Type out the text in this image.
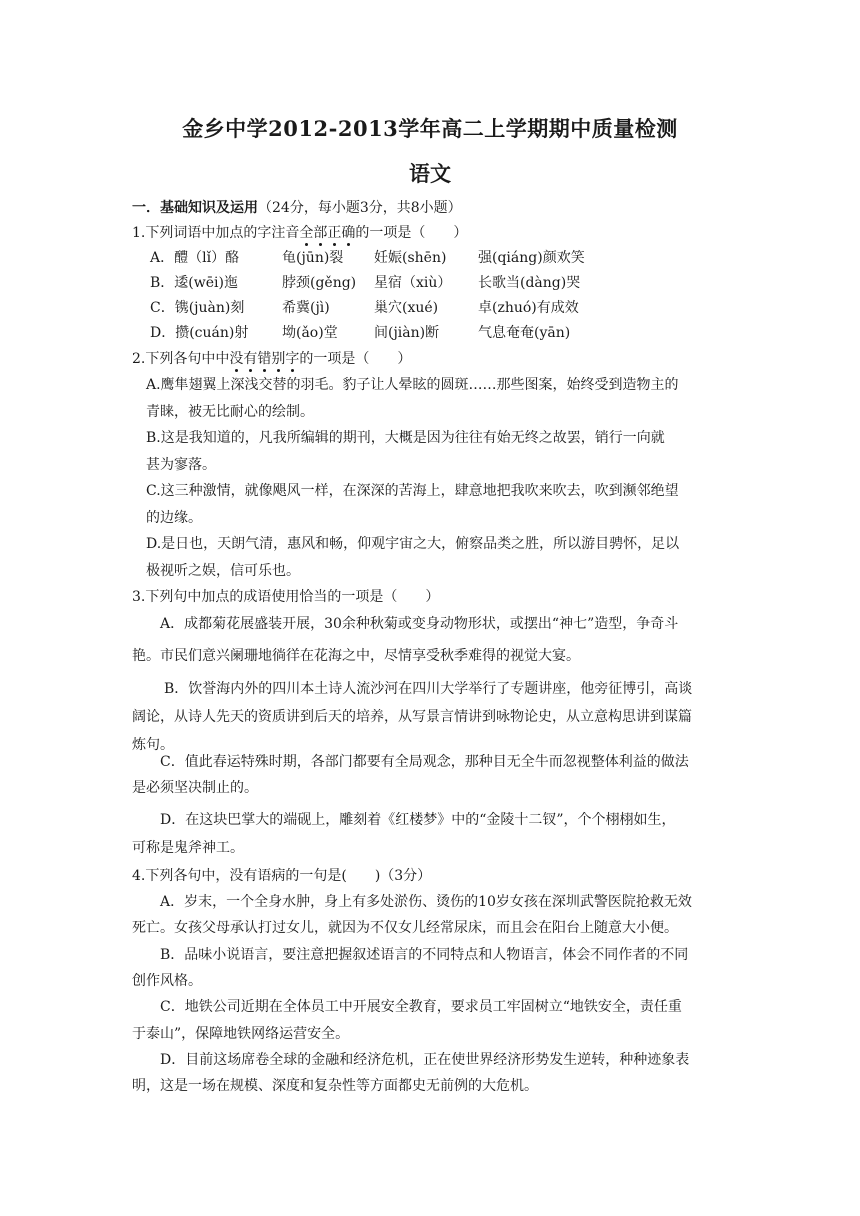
金乡中学2012-2013学年高二上学期期中质量检测
语文
一．基础知识及运用（24分，每小题3分，共8小题）
1.下列词语中加点的字注音全部正确的一项是（　　）
A．醴（lǐ）酪	龟(jūn)裂 妊娠(shēn) 强(qiáng)颜欢笑
B．逶(wēi)迤	脖颈(gěng) 星宿（xiù） 长歌当(dàng)哭
C．镌(juàn)刻	希冀(jì)	巢穴(xué)	卓(zhuó)有成效
D．攒(cuán)射 坳(ǎo)堂	间(jiàn)断	气息奄奄(yān)
2.下列各句中中没有错别字的一项是（　　）
A.鹰隼翅翼上深浅交替的羽毛。豹子让人晕眩的圆斑……那些图案，始终受到造物主的
青睐，被无比耐心的绘制。
B.这是我知道的，凡我所编辑的期刊，大概是因为往往有始无终之故罢，销行一向就
甚为寥落。
C.这三种激情，就像飓风一样，在深深的苦海上，肆意地把我吹来吹去，吹到濒邻绝望
的边缘。
D.是日也，天朗气清，惠风和畅，仰观宇宙之大，俯察品类之胜，所以游目骋怀，足以
极视听之娱，信可乐也。
3.下列句中加点的成语使用恰当的一项是（　　）
A．成都菊花展盛装开展，30余种秋菊或变身动物形状，或摆出“神七”造型，争奇斗
艳。市民们意兴阑珊地徜徉在花海之中，尽情享受秋季难得的视觉大宴。
B．饮誉海内外的四川本土诗人流沙河在四川大学举行了专题讲座，他旁征博引，高谈
阔论，从诗人先天的资质讲到后天的培养，从写景言情讲到咏物论史，从立意构思讲到谋篇
炼句。
C．值此春运特殊时期，各部门都要有全局观念，那种目无全牛而忽视整体利益的做法
是必须坚决制止的。
D．在这块巴掌大的端砚上，雕刻着《红楼梦》中的“金陵十二钗”，个个栩栩如生，
可称是鬼斧神工。
4.下列各句中，没有语病的一句是(　　)（3分）
A．岁末，一个全身水肿，身上有多处淤伤、烫伤的10岁女孩在深圳武警医院抢救无效
死亡。女孩父母承认打过女儿，就因为不仅女儿经常尿床，而且会在阳台上随意大小便。
B．品味小说语言，要注意把握叙述语言的不同特点和人物语言，体会不同作者的不同
创作风格。
C．地铁公司近期在全体员工中开展安全教育，要求员工牢固树立“地铁安全，责任重
于泰山”，保障地铁网络运营安全。
D．目前这场席卷全球的金融和经济危机，正在使世界经济形势发生逆转，种种迹象表
明，这是一场在规模、深度和复杂性等方面都史无前例的大危机。
